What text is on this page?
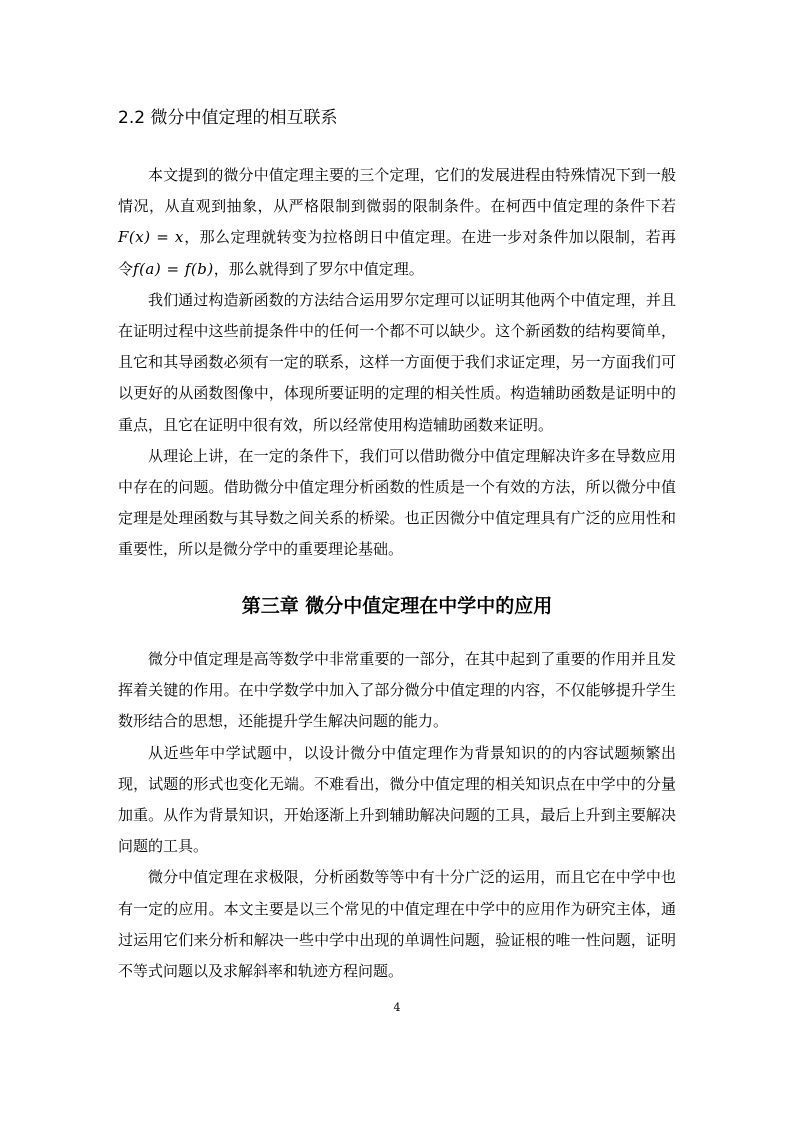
2.2 微分中值定理的相互联系

本文提到的微分中值定理主要的三个定理，它们的发展进程由特殊情况下到一般情况，从直观到抽象，从严格限制到微弱的限制条件。在柯西中值定理的条件下若F(x) = x，那么定理就转变为拉格朗日中值定理。在进一步对条件加以限制，若再令f(a) = f(b)，那么就得到了罗尔中值定理。

我们通过构造新函数的方法结合运用罗尔定理可以证明其他两个中值定理，并且在证明过程中这些前提条件中的任何一个都不可以缺少。这个新函数的结构要简单，且它和其导函数必须有一定的联系，这样一方面便于我们求证定理，另一方面我们可以更好的从函数图像中，体现所要证明的定理的相关性质。构造辅助函数是证明中的重点，且它在证明中很有效，所以经常使用构造辅助函数来证明。

从理论上讲，在一定的条件下，我们可以借助微分中值定理解决许多在导数应用中存在的问题。借助微分中值定理分析函数的性质是一个有效的方法，所以微分中值定理是处理函数与其导数之间关系的桥梁。也正因微分中值定理具有广泛的应用性和重要性，所以是微分学中的重要理论基础。

第三章 微分中值定理在中学中的应用

微分中值定理是高等数学中非常重要的一部分，在其中起到了重要的作用并且发挥着关键的作用。在中学数学中加入了部分微分中值定理的内容，不仅能够提升学生数形结合的思想，还能提升学生解决问题的能力。

从近些年中学试题中，以设计微分中值定理作为背景知识的的内容试题频繁出现，试题的形式也变化无端。不难看出，微分中值定理的相关知识点在中学中的分量加重。从作为背景知识，开始逐渐上升到辅助解决问题的工具，最后上升到主要解决问题的工具。

微分中值定理在求极限，分析函数等等中有十分广泛的运用，而且它在中学中也有一定的应用。本文主要是以三个常见的中值定理在中学中的应用作为研究主体，通过运用它们来分析和解决一些中学中出现的单调性问题，验证根的唯一性问题，证明不等式问题以及求解斜率和轨迹方程问题。

4
